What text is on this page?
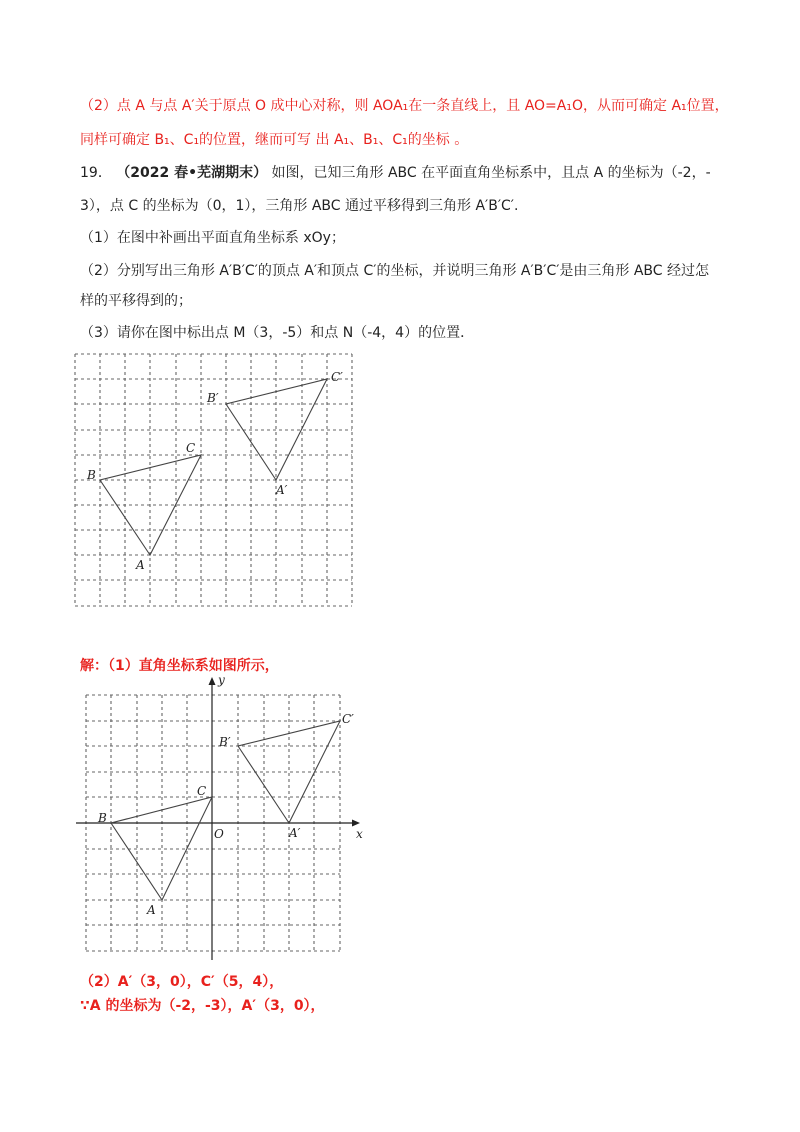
（2）点 A 与点 A′关于原点 O 成中心对称，则 AOA₁在一条直线上，且 AO=A₁O，从而可确定 A₁位置，
同样可确定 B₁、C₁的位置，继而可写 出 A₁、B₁、C₁的坐标 。
19． （2022 春•芜湖期末） 如图，已知三角形 ABC 在平面直角坐标系中，且点 A 的坐标为（-2，-
3），点 C 的坐标为（0，1），三角形 ABC 通过平移得到三角形 A′B′C′.
（1）在图中补画出平面直角坐标系 xOy；
（2）分别写出三角形 A′B′C′的顶点 A′和顶点 C′的坐标，并说明三角形 A′B′C′是由三角形 ABC 经过怎
样的平移得到的；
（3）请你在图中标出点 M（3，-5）和点 N（-4，4）的位置．
A
B
C
A′
B′
C′
解：（1）直角坐标系如图所示，
y
x
O
A
B
C
A′
B′
C′
（2）A′（3，0），C′（5，4），
∵A 的坐标为（-2，-3），A′（3，0），
